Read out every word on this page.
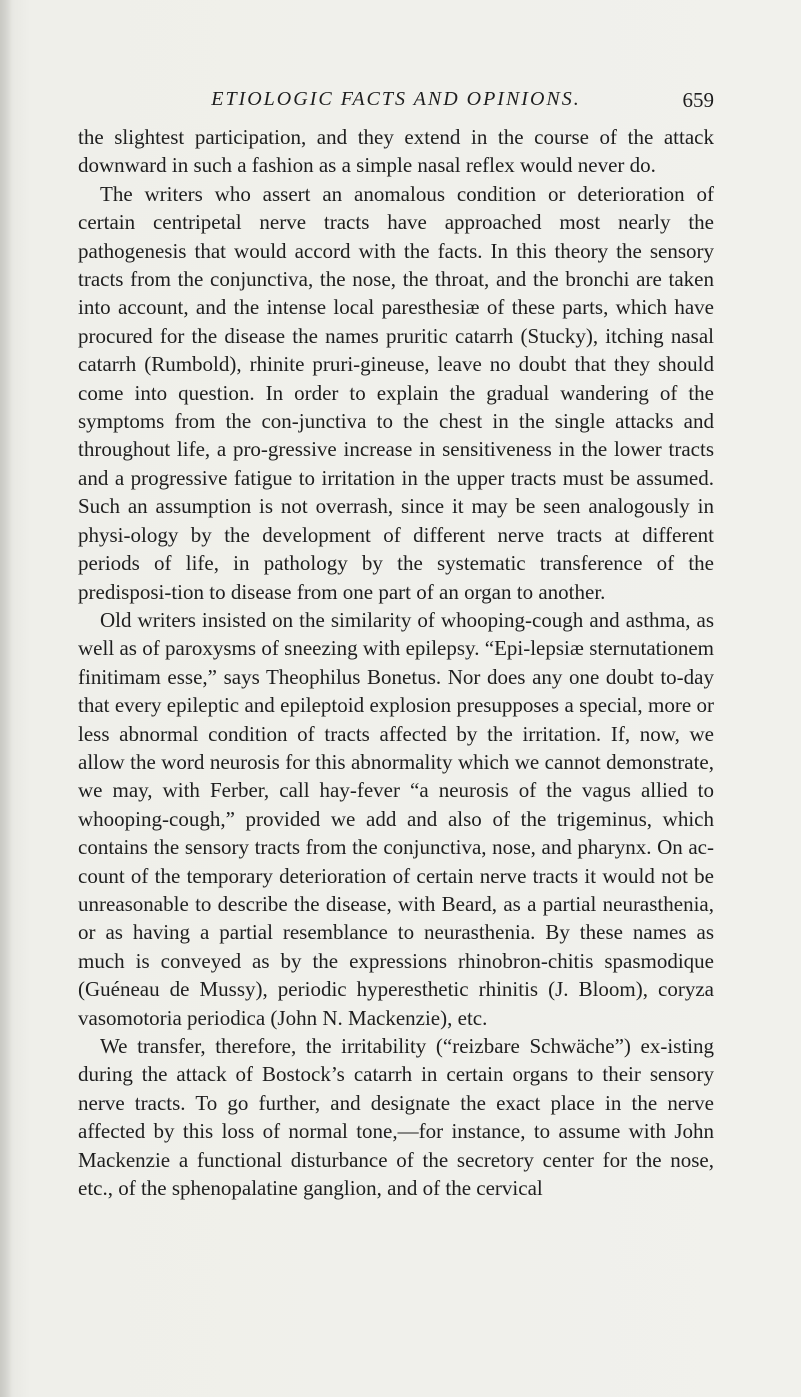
ETIOLOGIC FACTS AND OPINIONS.	659

the slightest participation, and they extend in the course of the attack downward in such a fashion as a simple nasal reflex would never do.

The writers who assert an anomalous condition or deterioration of certain centripetal nerve tracts have approached most nearly the pathogenesis that would accord with the facts. In this theory the sensory tracts from the conjunctiva, the nose, the throat, and the bronchi are taken into account, and the intense local paresthesiæ of these parts, which have procured for the disease the names pruritic catarrh (Stucky), itching nasal catarrh (Rumbold), rhinite pruri-gineuse, leave no doubt that they should come into question. In order to explain the gradual wandering of the symptoms from the con-junctiva to the chest in the single attacks and throughout life, a pro-gressive increase in sensitiveness in the lower tracts and a progressive fatigue to irritation in the upper tracts must be assumed. Such an assumption is not overrash, since it may be seen analogously in physi-ology by the development of different nerve tracts at different periods of life, in pathology by the systematic transference of the predisposi-tion to disease from one part of an organ to another.

Old writers insisted on the similarity of whooping-cough and asthma, as well as of paroxysms of sneezing with epilepsy. “Epi-lepsiæ sternutationem finitimam esse,” says Theophilus Bonetus. Nor does any one doubt to-day that every epileptic and epileptoid explosion presupposes a special, more or less abnormal condition of tracts affected by the irritation. If, now, we allow the word neurosis for this abnormality which we cannot demonstrate, we may, with Ferber, call hay-fever “a neurosis of the vagus allied to whooping-cough,” provided we add and also of the trigeminus, which contains the sensory tracts from the conjunctiva, nose, and pharynx. On ac-count of the temporary deterioration of certain nerve tracts it would not be unreasonable to describe the disease, with Beard, as a partial neurasthenia, or as having a partial resemblance to neurasthenia. By these names as much is conveyed as by the expressions rhinobron-chitis spasmodique (Guéneau de Mussy), periodic hyperesthetic rhinitis (J. Bloom), coryza vasomotoria periodica (John N. Mackenzie), etc.

We transfer, therefore, the irritability (“reizbare Schwäche”) ex-isting during the attack of Bostock’s catarrh in certain organs to their sensory nerve tracts. To go further, and designate the exact place in the nerve affected by this loss of normal tone,—for instance, to assume with John Mackenzie a functional disturbance of the secretory center for the nose, etc., of the sphenopalatine ganglion, and of the cervical
